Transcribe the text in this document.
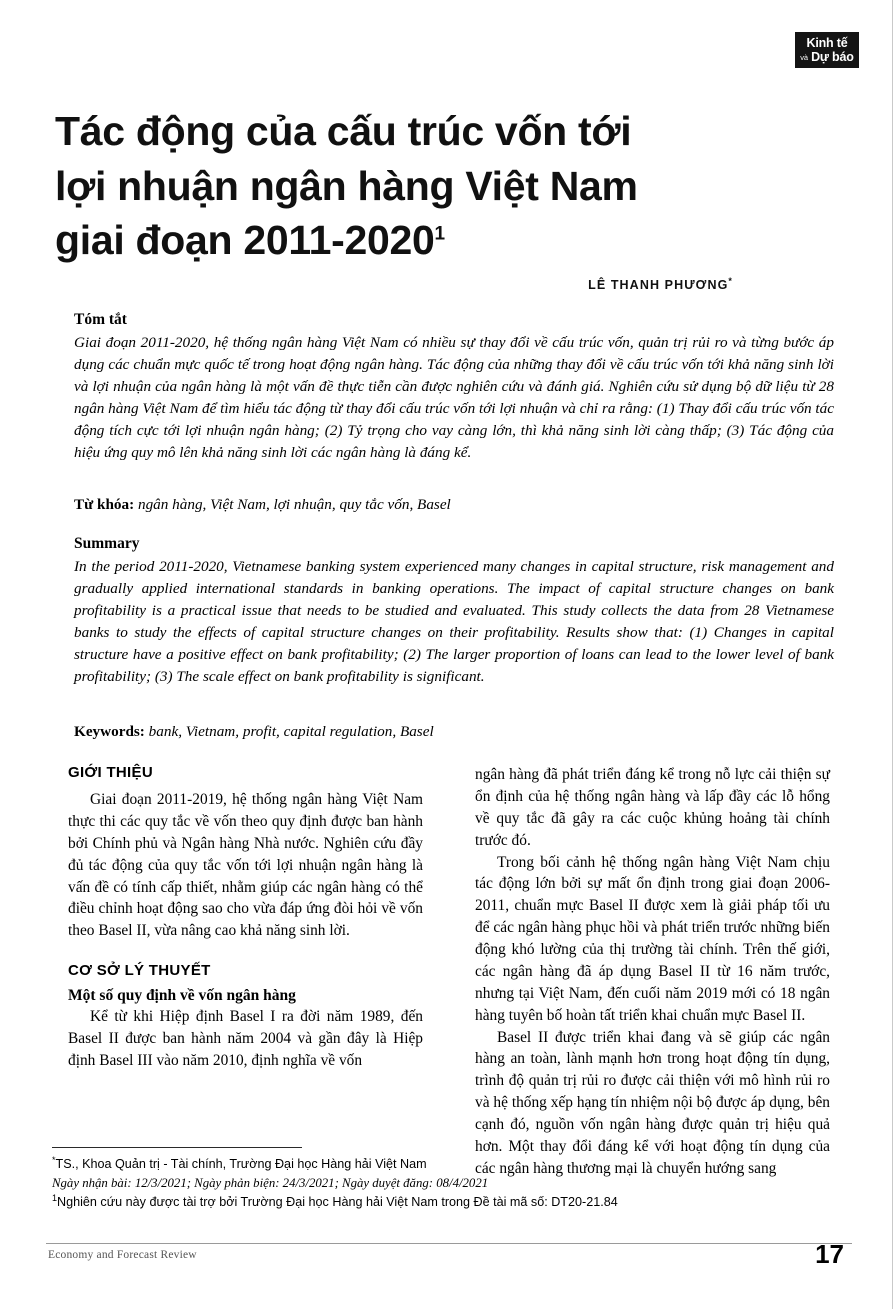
Kinh tế
và Dự báo
Tác động của cấu trúc vốn tới
lợi nhuận ngân hàng Việt Nam
giai đoạn 2011-2020$^1$
LÊ THANH PHƯƠNG*

Tóm tắt

Giai đoạn 2011-2020, hệ thống ngân hàng Việt Nam có nhiều sự thay đổi về cấu trúc vốn, quản trị rủi ro và từng bước áp dụng các chuẩn mực quốc tế trong hoạt động ngân hàng. Tác động của những thay đổi về cấu trúc vốn tới khả năng sinh lời và lợi nhuận của ngân hàng là một vấn đề thực tiễn cần được nghiên cứu và đánh giá. Nghiên cứu sử dụng bộ dữ liệu từ 28 ngân hàng Việt Nam để tìm hiểu tác động từ thay đổi cấu trúc vốn tới lợi nhuận và chỉ ra rằng: (1) Thay đổi cấu trúc vốn tác động tích cực tới lợi nhuận ngân hàng; (2) Tỷ trọng cho vay càng lớn, thì khả năng sinh lời càng thấp; (3) Tác động của hiệu ứng quy mô lên khả năng sinh lời các ngân hàng là đáng kể.

Từ khóa: ngân hàng, Việt Nam, lợi nhuận, quy tắc vốn, Basel

Summary

In the period 2011-2020, Vietnamese banking system experienced many changes in capital structure, risk management and gradually applied international standards in banking operations. The impact of capital structure changes on bank profitability is a practical issue that needs to be studied and evaluated. This study collects the data from 28 Vietnamese banks to study the effects of capital structure changes on their profitability. Results show that: (1) Changes in capital structure have a positive effect on bank profitability; (2) The larger proportion of loans can lead to the lower level of bank profitability; (3) The scale effect on bank profitability is significant.

Keywords: bank, Vietnam, profit, capital regulation, Basel

GIỚI THIỆU

Giai đoạn 2011-2019, hệ thống ngân hàng Việt Nam thực thi các quy tắc về vốn theo quy định được ban hành bởi Chính phủ và Ngân hàng Nhà nước. Nghiên cứu đầy đủ tác động của quy tắc vốn tới lợi nhuận ngân hàng là vấn đề có tính cấp thiết, nhằm giúp các ngân hàng có thể điều chỉnh hoạt động sao cho vừa đáp ứng đòi hỏi về vốn theo Basel II, vừa nâng cao khả năng sinh lời.

CƠ SỞ LÝ THUYẾT

Một số quy định về vốn ngân hàng

Kể từ khi Hiệp định Basel I ra đời năm 1989, đến Basel II được ban hành năm 2004 và gần đây là Hiệp định Basel III vào năm 2010, định nghĩa về vốn

ngân hàng đã phát triển đáng kể trong nỗ lực cải thiện sự ổn định của hệ thống ngân hàng và lấp đầy các lỗ hổng về quy tắc đã gây ra các cuộc khủng hoảng tài chính trước đó.

Trong bối cảnh hệ thống ngân hàng Việt Nam chịu tác động lớn bởi sự mất ổn định trong giai đoạn 2006-2011, chuẩn mực Basel II được xem là giải pháp tối ưu để các ngân hàng phục hồi và phát triển trước những biến động khó lường của thị trường tài chính. Trên thế giới, các ngân hàng đã áp dụng Basel II từ 16 năm trước, nhưng tại Việt Nam, đến cuối năm 2019 mới có 18 ngân hàng tuyên bố hoàn tất triển khai chuẩn mực Basel II.

Basel II được triển khai đang và sẽ giúp các ngân hàng an toàn, lành mạnh hơn trong hoạt động tín dụng, trình độ quản trị rủi ro được cải thiện với mô hình rủi ro và hệ thống xếp hạng tín nhiệm nội bộ được áp dụng, bên cạnh đó, nguồn vốn ngân hàng được quản trị hiệu quả hơn. Một thay đổi đáng kể với hoạt động tín dụng của các ngân hàng thương mại là chuyển hướng sang

*TS., Khoa Quản trị - Tài chính, Trường Đại học Hàng hải Việt Nam

Ngày nhận bài: 12/3/2021; Ngày phản biện: 24/3/2021; Ngày duyệt đăng: 08/4/2021

$^1$Nghiên cứu này được tài trợ bởi Trường Đại học Hàng hải Việt Nam trong Đề tài mã số: DT20-21.84

Economy and Forecast Review	17
